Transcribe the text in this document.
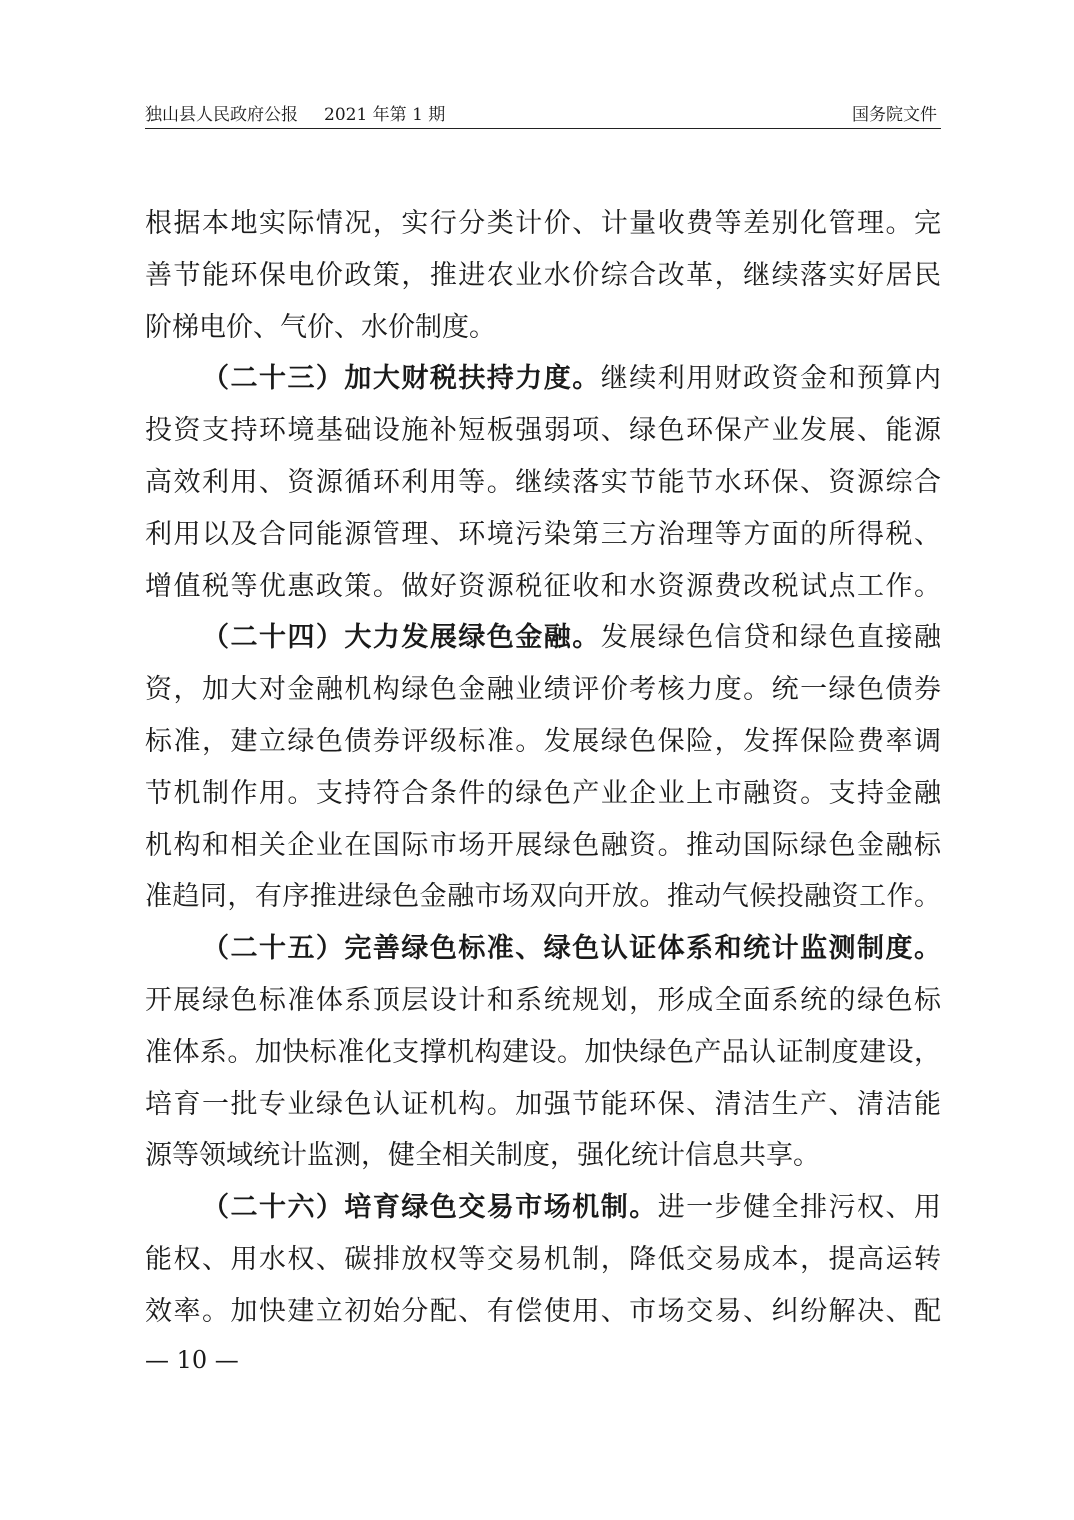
独山县人民政府公报 2021 年第 1 期	国务院文件
根据本地实际情况，实行分类计价、计量收费等差别化管理。完
善节能环保电价政策，推进农业水价综合改革，继续落实好居民
阶梯电价、气价、水价制度。
（二十三）加大财税扶持力度。继续利用财政资金和预算内
投资支持环境基础设施补短板强弱项、绿色环保产业发展、能源
高效利用、资源循环利用等。继续落实节能节水环保、资源综合
利用以及合同能源管理、环境污染第三方治理等方面的所得税、
增值税等优惠政策。做好资源税征收和水资源费改税试点工作。
（二十四）大力发展绿色金融。发展绿色信贷和绿色直接融
资，加大对金融机构绿色金融业绩评价考核力度。统一绿色债券
标准，建立绿色债券评级标准。发展绿色保险，发挥保险费率调
节机制作用。支持符合条件的绿色产业企业上市融资。支持金融
机构和相关企业在国际市场开展绿色融资。推动国际绿色金融标
准趋同，有序推进绿色金融市场双向开放。推动气候投融资工作。
（二十五）完善绿色标准、绿色认证体系和统计监测制度。
开展绿色标准体系顶层设计和系统规划，形成全面系统的绿色标
准体系。加快标准化支撑机构建设。加快绿色产品认证制度建设，
培育一批专业绿色认证机构。加强节能环保、清洁生产、清洁能
源等领域统计监测，健全相关制度，强化统计信息共享。
（二十六）培育绿色交易市场机制。进一步健全排污权、用
能权、用水权、碳排放权等交易机制，降低交易成本，提高运转
效率。加快建立初始分配、有偿使用、市场交易、纠纷解决、配
— 10 —
